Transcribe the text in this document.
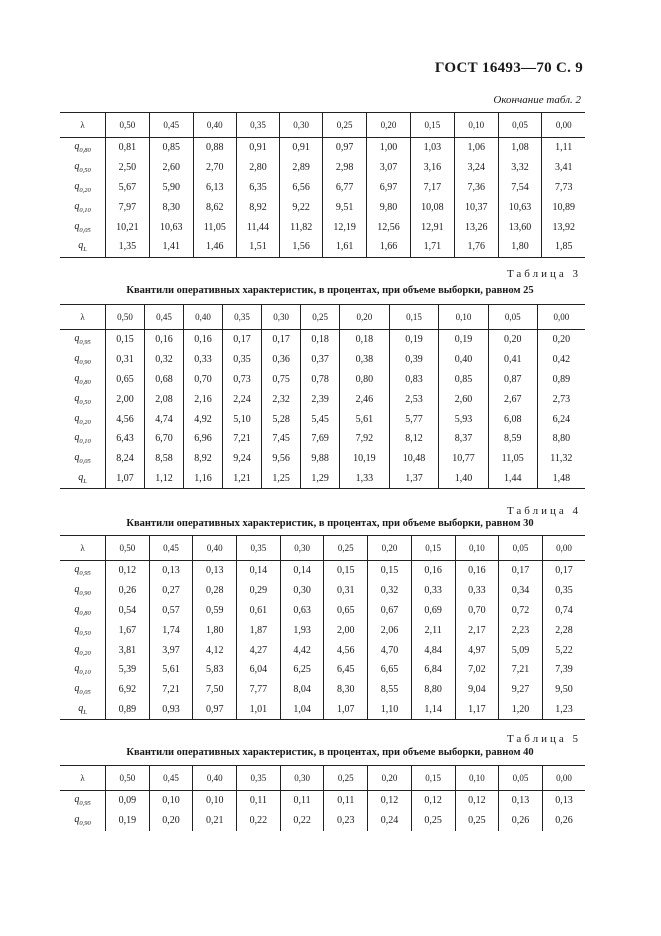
ГОСТ 16493—70 С. 9
Окончание табл. 2
λ	0,50	0,45	0,40	0,35	0,30	0,25	0,20	0,15	0,10	0,05	0,00
$q_{0,80}$	0,81	0,85	0,88	0,91	0,91	0,97	1,00	1,03	1,06	1,08	1,11
$q_{0,50}$	2,50	2,60	2,70	2,80	2,89	2,98	3,07	3,16	3,24	3,32	3,41
$q_{0,20}$	5,67	5,90	6,13	6,35	6,56	6,77	6,97	7,17	7,36	7,54	7,73
$q_{0,10}$	7,97	8,30	8,62	8,92	9,22	9,51	9,80	10,08	10,37	10,63	10,89
$q_{0,05}$	10,21	10,63	11,05	11,44	11,82	12,19	12,56	12,91	13,26	13,60	13,92
$q_L$	1,35	1,41	1,46	1,51	1,56	1,61	1,66	1,71	1,76	1,80	1,85
Таблица 3
Квантили оперативных характеристик, в процентах, при объеме выборки, равном 25
λ	0,50	0,45	0,40	0,35	0,30	0,25	0,20	0,15	0,10	0,05	0,00
$q_{0,95}$	0,15	0,16	0,16	0,17	0,17	0,18	0,18	0,19	0,19	0,20	0,20
$q_{0,90}$	0,31	0,32	0,33	0,35	0,36	0,37	0,38	0,39	0,40	0,41	0,42
$q_{0,80}$	0,65	0,68	0,70	0,73	0,75	0,78	0,80	0,83	0,85	0,87	0,89
$q_{0,50}$	2,00	2,08	2,16	2,24	2,32	2,39	2,46	2,53	2,60	2,67	2,73
$q_{0,20}$	4,56	4,74	4,92	5,10	5,28	5,45	5,61	5,77	5,93	6,08	6,24
$q_{0,10}$	6,43	6,70	6,96	7,21	7,45	7,69	7,92	8,12	8,37	8,59	8,80
$q_{0,05}$	8,24	8,58	8,92	9,24	9,56	9,88	10,19	10,48	10,77	11,05	11,32
$q_L$	1,07	1,12	1,16	1,21	1,25	1,29	1,33	1,37	1,40	1,44	1,48
Таблица 4
Квантили оперативных характеристик, в процентах, при объеме выборки, равном 30
λ	0,50	0,45	0,40	0,35	0,30	0,25	0,20	0,15	0,10	0,05	0,00
$q_{0,95}$	0,12	0,13	0,13	0,14	0,14	0,15	0,15	0,16	0,16	0,17	0,17
$q_{0,90}$	0,26	0,27	0,28	0,29	0,30	0,31	0,32	0,33	0,33	0,34	0,35
$q_{0,80}$	0,54	0,57	0,59	0,61	0,63	0,65	0,67	0,69	0,70	0,72	0,74
$q_{0,50}$	1,67	1,74	1,80	1,87	1,93	2,00	2,06	2,11	2,17	2,23	2,28
$q_{0,20}$	3,81	3,97	4,12	4,27	4,42	4,56	4,70	4,84	4,97	5,09	5,22
$q_{0,10}$	5,39	5,61	5,83	6,04	6,25	6,45	6,65	6,84	7,02	7,21	7,39
$q_{0,05}$	6,92	7,21	7,50	7,77	8,04	8,30	8,55	8,80	9,04	9,27	9,50
$q_L$	0,89	0,93	0,97	1,01	1,04	1,07	1,10	1,14	1,17	1,20	1,23
Таблица 5
Квантили оперативных характеристик, в процентах, при объеме выборки, равном 40
λ	0,50	0,45	0,40	0,35	0,30	0,25	0,20	0,15	0,10	0,05	0,00
$q_{0,95}$	0,09	0,10	0,10	0,11	0,11	0,11	0,12	0,12	0,12	0,13	0,13
$q_{0,90}$	0,19	0,20	0,21	0,22	0,22	0,23	0,24	0,25	0,25	0,26	0,26
